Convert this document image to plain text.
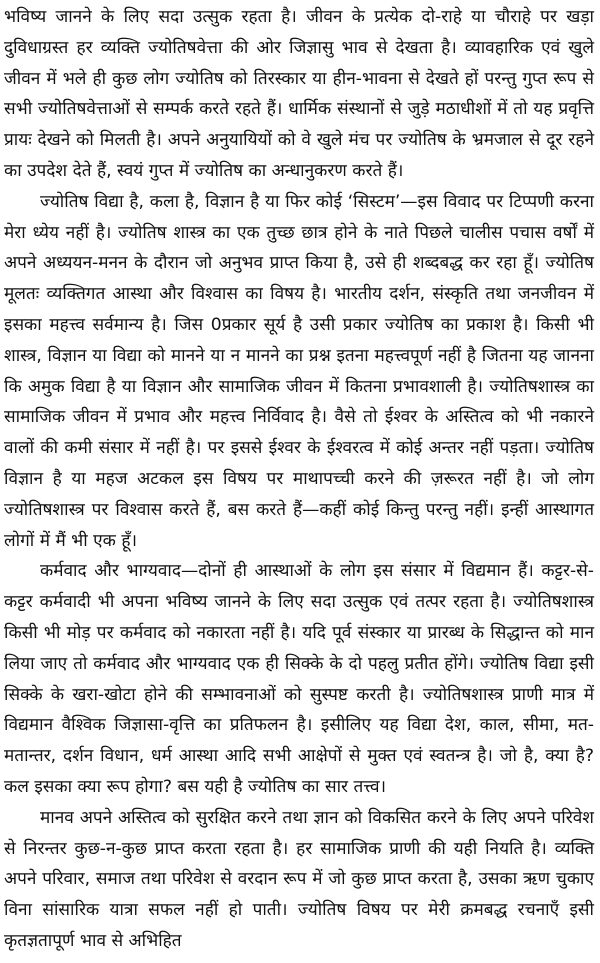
भविष्य जानने के लिए सदा उत्सुक रहता है। जीवन के प्रत्येक दो-राहे या चौराहे पर खड़ा दुविधाग्रस्त हर व्यक्ति ज्योतिषवेत्ता की ओर जिज्ञासु भाव से देखता है। व्यावहारिक एवं खुले जीवन में भले ही कुछ लोग ज्योतिष को तिरस्कार या हीन-भावना से देखते हों परन्तु गुप्त रूप से सभी ज्योतिषवेत्ताओं से सम्पर्क करते रहते हैं। धार्मिक संस्थानों से जुड़े मठाधीशों में तो यह प्रवृत्ति प्रायः देखने को मिलती है। अपने अनुयायियों को वे खुले मंच पर ज्योतिष के भ्रमजाल से दूर रहने का उपदेश देते हैं, स्वयं गुप्त में ज्योतिष का अन्धानुकरण करते हैं।

ज्योतिष विद्या है, कला है, विज्ञान है या फिर कोई ‘सिस्टम’—इस विवाद पर टिप्पणी करना मेरा ध्येय नहीं है। ज्योतिष शास्त्र का एक तुच्छ छात्र होने के नाते पिछले चालीस पचास वर्षों में अपने अध्ययन-मनन के दौरान जो अनुभव प्राप्त किया है, उसे ही शब्दबद्ध कर रहा हूँ। ज्योतिष मूलतः व्यक्तिगत आस्था और विश्वास का विषय है। भारतीय दर्शन, संस्कृति तथा जनजीवन में इसका महत्त्व सर्वमान्य है। जिस 0प्रकार सूर्य है उसी प्रकार ज्योतिष का प्रकाश है। किसी भी शास्त्र, विज्ञान या विद्या को मानने या न मानने का प्रश्न इतना महत्त्वपूर्ण नहीं है जितना यह जानना कि अमुक विद्या है या विज्ञान और सामाजिक जीवन में कितना प्रभावशाली है। ज्योतिषशास्त्र का सामाजिक जीवन में प्रभाव और महत्त्व निर्विवाद है। वैसे तो ईश्वर के अस्तित्व को भी नकारने वालों की कमी संसार में नहीं है। पर इससे ईश्वर के ईश्वरत्व में कोई अन्तर नहीं पड़ता। ज्योतिष विज्ञान है या महज अटकल इस विषय पर माथापच्ची करने की ज़रूरत नहीं है। जो लोग ज्योतिषशास्त्र पर विश्वास करते हैं, बस करते हैं—कहीं कोई किन्तु परन्तु नहीं। इन्हीं आस्थागत लोगों में मैं भी एक हूँ।

कर्मवाद और भाग्यवाद—दोनों ही आस्थाओं के लोग इस संसार में विद्यमान हैं। कट्टर-से-कट्टर कर्मवादी भी अपना भविष्य जानने के लिए सदा उत्सुक एवं तत्पर रहता है। ज्योतिषशास्त्र किसी भी मोड़ पर कर्मवाद को नकारता नहीं है। यदि पूर्व संस्कार या प्रारब्ध के सिद्धान्त को मान लिया जाए तो कर्मवाद और भाग्यवाद एक ही सिक्के के दो पहलु प्रतीत होंगे। ज्योतिष विद्या इसी सिक्के के खरा-खोटा होने की सम्भावनाओं को सुस्पष्ट करती है। ज्योतिषशास्त्र प्राणी मात्र में विद्यमान वैश्विक जिज्ञासा-वृत्ति का प्रतिफलन है। इसीलिए यह विद्या देश, काल, सीमा, मत-मतान्तर, दर्शन विधान, धर्म आस्था आदि सभी आक्षेपों से मुक्त एवं स्वतन्त्र है। जो है, क्या है? कल इसका क्या रूप होगा? बस यही है ज्योतिष का सार तत्त्व।

मानव अपने अस्तित्व को सुरक्षित करने तथा ज्ञान को विकसित करने के लिए अपने परिवेश से निरन्तर कुछ-न-कुछ प्राप्त करता रहता है। हर सामाजिक प्राणी की यही नियति है। व्यक्ति अपने परिवार, समाज तथा परिवेश से वरदान रूप में जो कुछ प्राप्त करता है, उसका ऋण चुकाए विना सांसारिक यात्रा सफल नहीं हो पाती। ज्योतिष विषय पर मेरी क्रमबद्ध रचनाएँ इसी कृतज्ञतापूर्ण भाव से अभिहित
